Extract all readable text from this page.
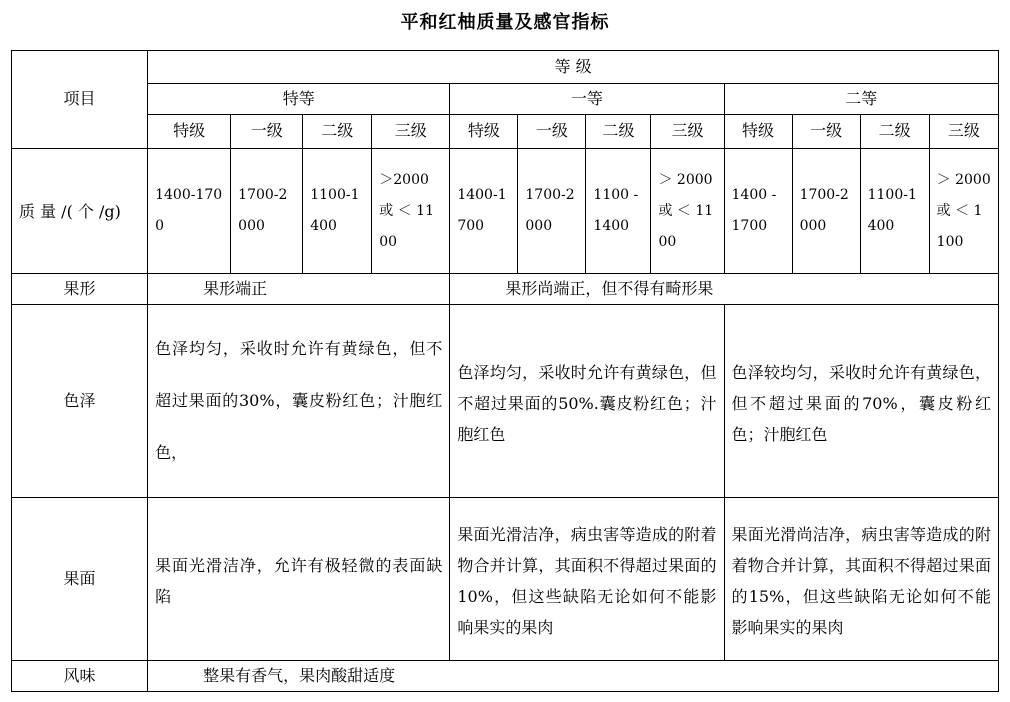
平和红柚质量及感官指标
项目	等 级											
	特等				一等				二等			
	特级	一级	二级	三级	特级	一级	二级	三级	特级	一级	二级	三级
质 量 /( 个 /g)	1400-1700	1700-2000	1100-1400	＞2000 或 ＜ 1100	1400-1700	1700-2000	1100 -1400	＞ 2000 或 ＜ 1100	1400 - 1700	1700-2000	1100-1400	＞ 2000 或 ＜ 1100
果形	果形端正				果形尚端正，但不得有畸形果							
色泽	色泽均匀，采收时允许有黄绿色，但不超过果面的30%，囊皮粉红色；汁胞红色，				色泽均匀，采收时允许有黄绿色，但不超过果面的50%.囊皮粉红色；汁胞红色				色泽较均匀，采收时允许有黄绿色，但不超过果面的70%，囊皮粉红色；汁胞红色			
果面	果面光滑洁净，允许有极轻微的表面缺陷				果面光滑洁净，病虫害等造成的附着物合并计算，其面积不得超过果面的10%，但这些缺陷无论如何不能影响果实的果肉				果面光滑尚洁净，病虫害等造成的附着物合并计算，其面积不得超过果面的15%，但这些缺陷无论如何不能影响果实的果肉			
风味	整果有香气，果肉酸甜适度											
